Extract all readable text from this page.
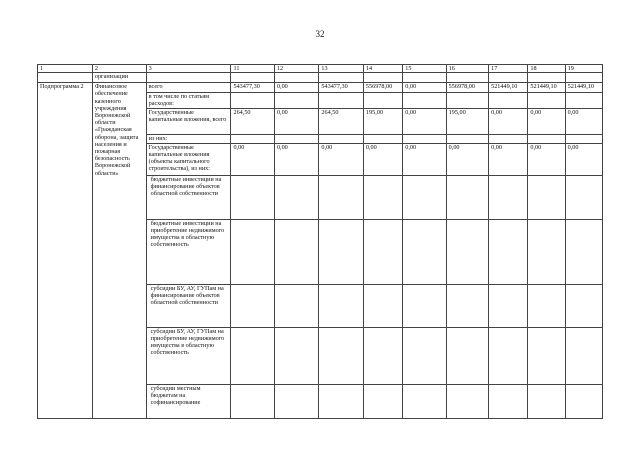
32
1	2	3	11	12	13	14	15	16	17	18	19
	организации										
Подпрограмма 2	Финансовое обеспечение казенного учреждения Воронежской области «Гражданская оборона, защита населения и пожарная безопасность Воронежской области»	всего	543477,30	0,00	543477,30	556978,00	0,00	556978,00	521449,10	521449,10	521449,10
		в том числе по статьям расходов:									
		Государственные капитальные вложения, всего	264,50	0,00	264,50	195,00	0,00	195,00	0,00	0,00	0,00
		из них:									
		Государственные капитальные вложения (объекты капитального строительства), из них:	0,00	0,00	0,00	0,00	0,00	0,00	0,00	0,00	0,00
		бюджетные инвестиции на финансирование объектов областной собственности									
		бюджетные инвестиции на приобретение недвижимого имущества в областную собственность									
		субсидии БУ, АУ, ГУПам на финансирование объектов областной собственности									
		субсидии БУ, АУ, ГУПам на приобретение недвижимого имущества в областную собственность									
		субсидии местным бюджетам на софинансирование									
